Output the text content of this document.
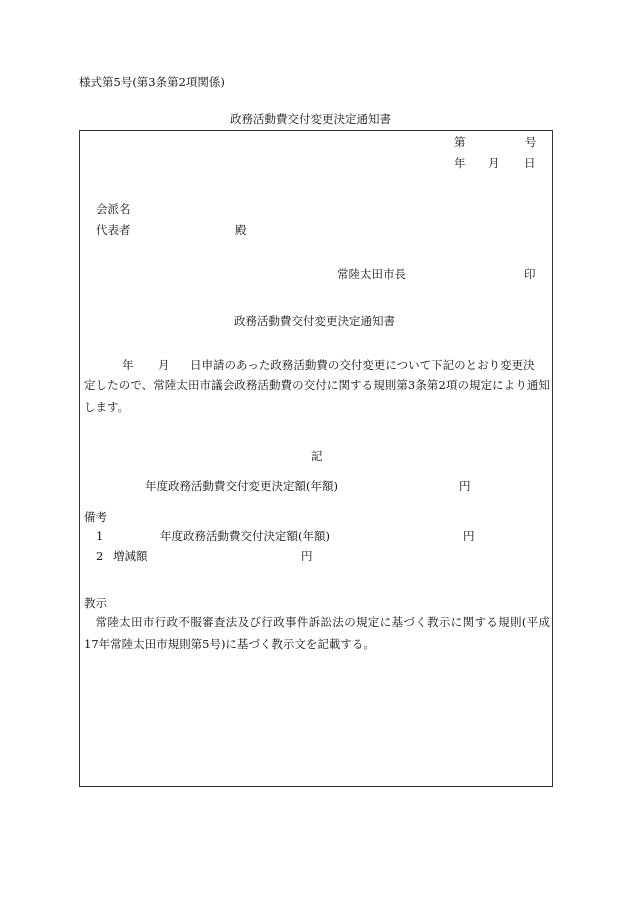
様式第5号(第3条第2項関係)
政務活動費交付変更決定通知書
第	号
年 月 日
会派名
代表者	殿
常陸太田市長	印
政務活動費交付変更決定通知書
年 月 日申請のあった政務活動費の交付変更について下記のとおり変更決
定したので、常陸太田市議会政務活動費の交付に関する規則第3条第2項の規定により通知します。
記
年度政務活動費交付変更決定額(年額)	円
備考
1	年度政務活動費交付決定額(年額)	円
2 増減額	円
教示
常陸太田市行政不服審査法及び行政事件訴訟法の規定に基づく教示に関する規則(平成17年常陸太田市規則第5号)に基づく教示文を記載する。
